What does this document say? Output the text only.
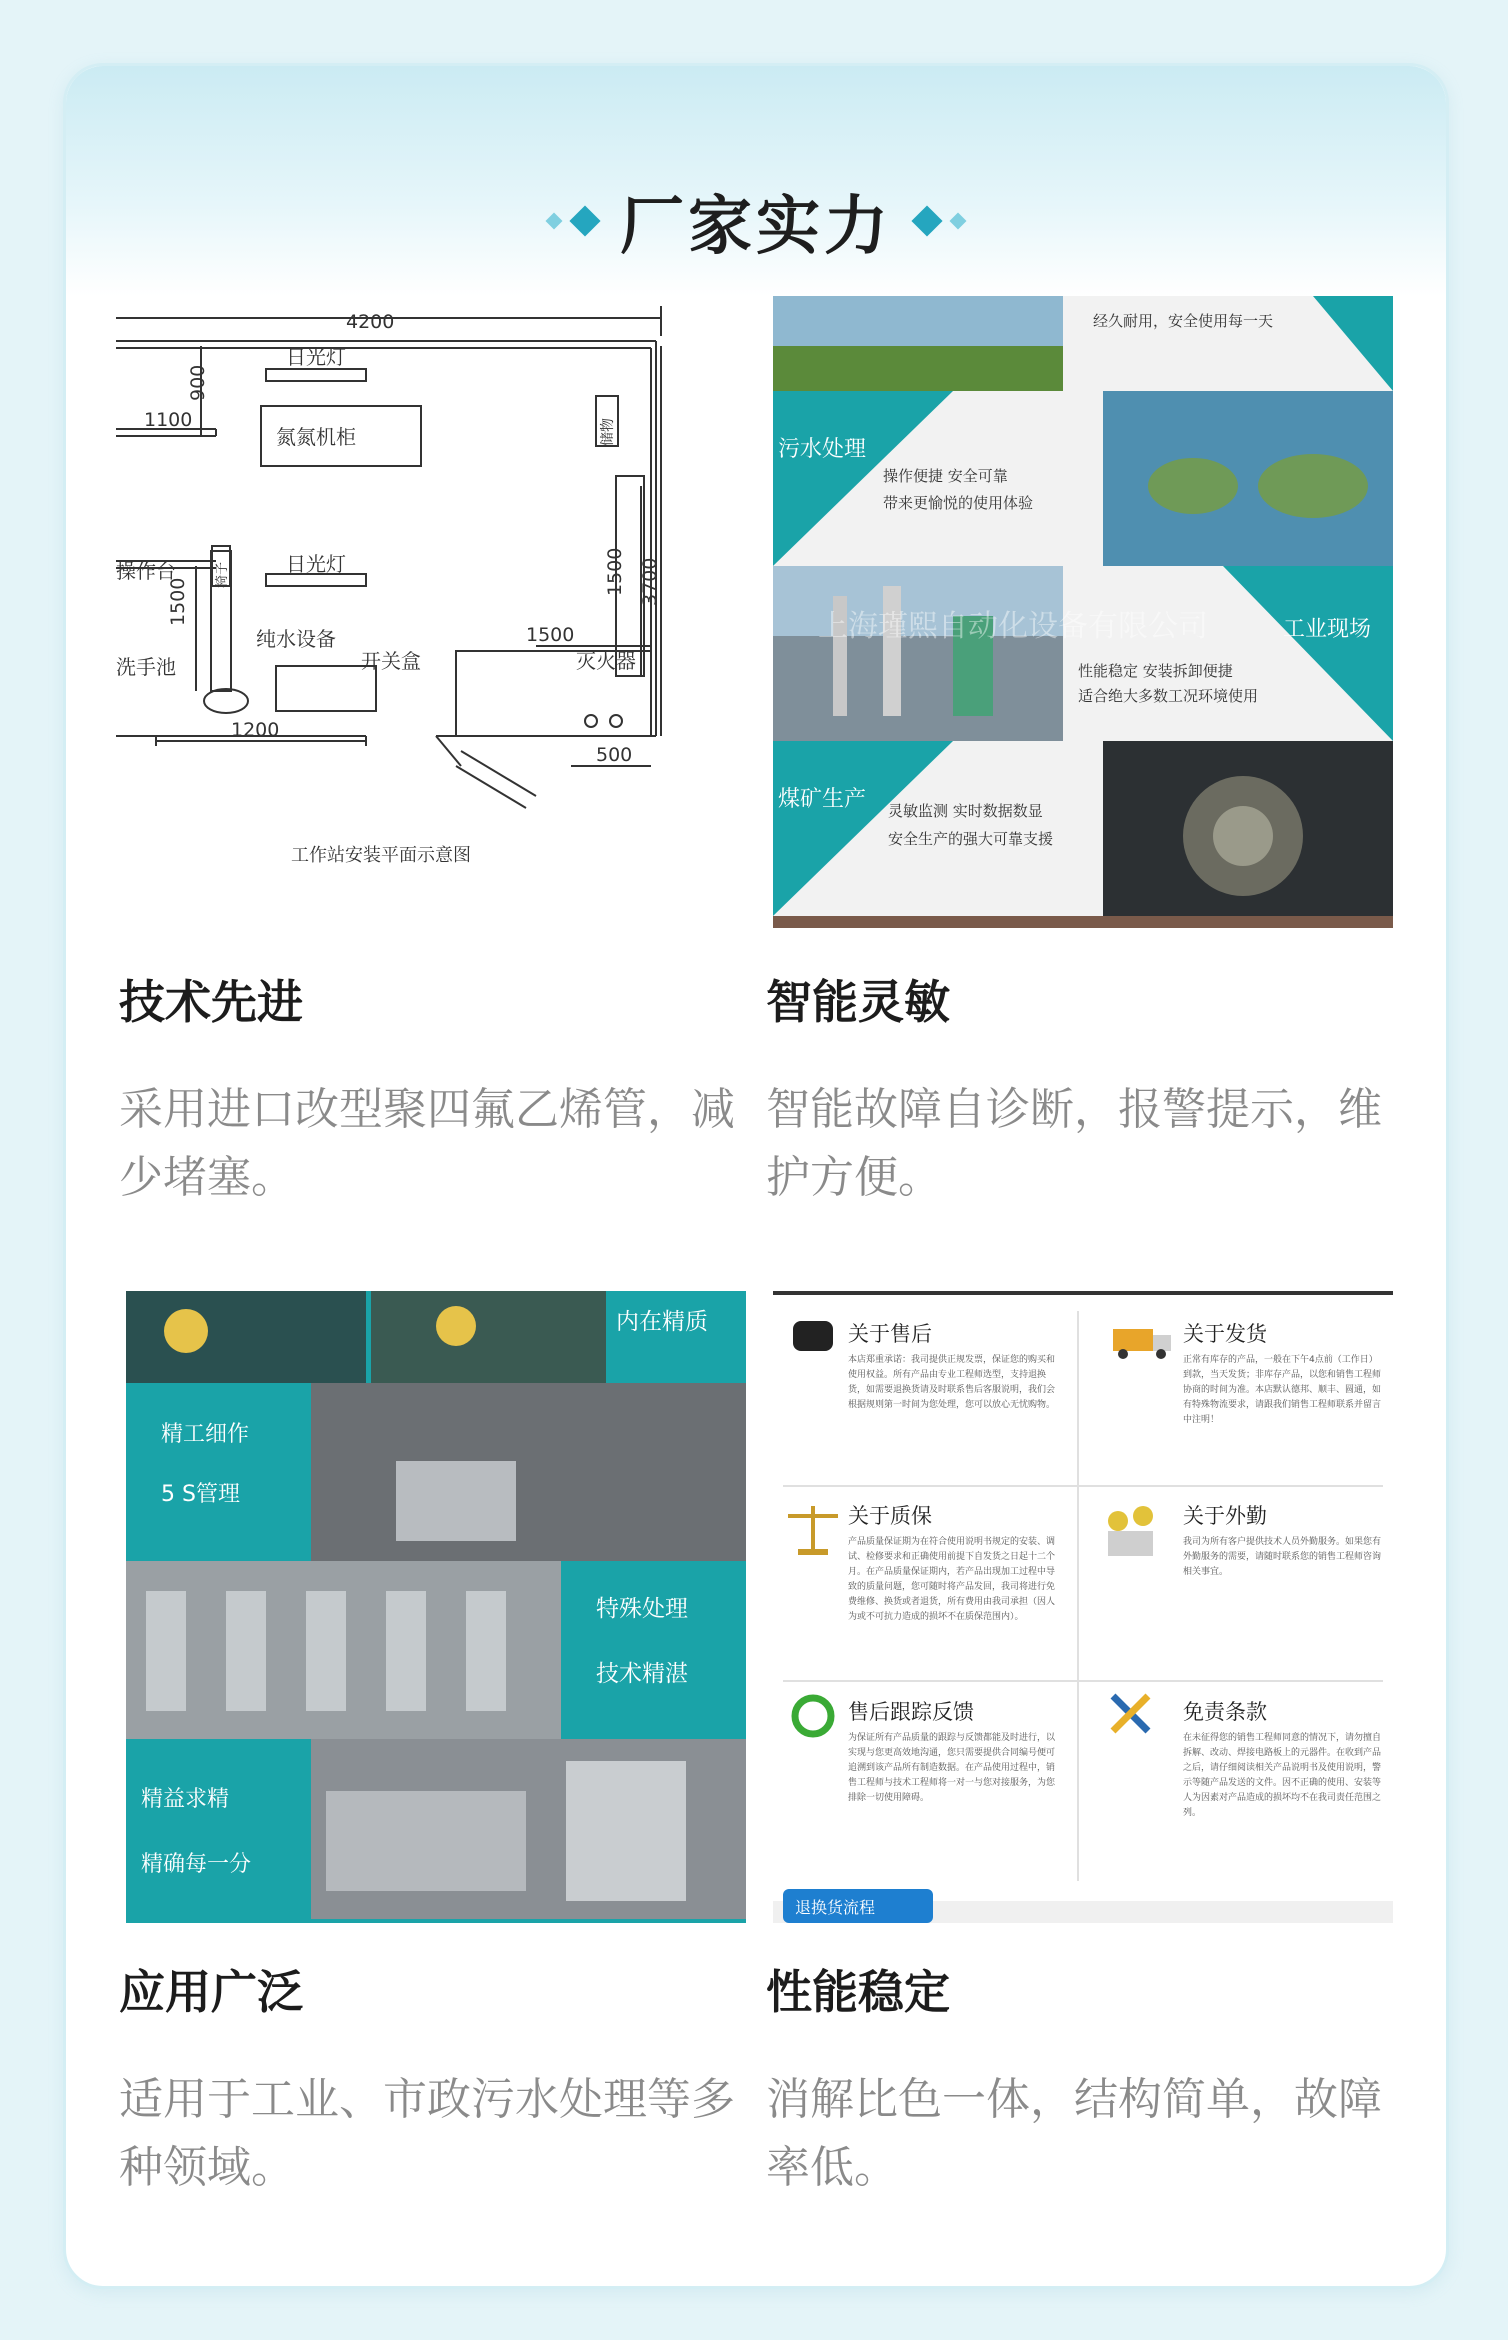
厂家实力
4200
900
1100
1500
1500 3700
1500
1200
500
日光灯
氮氮机柜
日光灯
纯水设备
开关盒	灭火器
操作台
洗手池
椅子
储物
工作站安装平面示意图
经久耐用，安全使用每一天
污水处理
操作便捷 安全可靠
带来更愉悦的使用体验
工业现场
性能稳定 安装拆卸便捷
适合绝大多数工况环境使用
上海瑾熙自动化设备有限公司
煤矿生产 灵敏监测 实时数据数显
安全生产的强大可靠支援
技术先进
采用进口改型聚四氟乙烯管，减少堵塞。
智能灵敏
智能故障自诊断，报警提示，维护方便。
内在精质
精工细作
5 S管理
特殊处理
技术精湛
精益求精
精确每一分
关于售后	关于发货
关于质保	关于外勤
售后跟踪反馈	免责条款
本店郑重承诺：我司提供正规发票，保证您的购买和使用权益。所有产品由专业工程师选型，支持退换货，如需要退换货请及时联系售后客服说明，我们会根据规则第一时间为您处理，您可以放心无忧购物。
正常有库存的产品，一般在下午4点前（工作日）到款，当天发货；非库存产品，以您和销售工程师协商的时间为准。本店默认德邦、顺丰、圆通，如有特殊物流要求，请跟我们销售工程师联系并留言中注明！
产品质量保证期为在符合使用说明书规定的安装、调试、检修要求和正确使用前提下自发货之日起十二个月。在产品质量保证期内，若产品出现加工过程中导致的质量问题，您可随时将产品发回，我司将进行免费维修、换货或者退货，所有费用由我司承担（因人为或不可抗力造成的损坏不在质保范围内）。
我司为所有客户提供技术人员外勤服务。如果您有外勤服务的需要，请随时联系您的销售工程师咨询相关事宜。
为保证所有产品质量的跟踪与反馈都能及时进行，以实现与您更高效地沟通，您只需要提供合同编号便可追溯到该产品所有制造数据。在产品使用过程中，销售工程师与技术工程师将一对一与您对接服务，为您排除一切使用障碍。
在未征得您的销售工程师同意的情况下，请勿擅自拆解、改动、焊接电路板上的元器件。在收到产品之后，请仔细阅读相关产品说明书及使用说明，警示等随产品发送的文件。因不正确的使用、安装等人为因素对产品造成的损坏均不在我司责任范围之列。
退换货流程
应用广泛
适用于工业、市政污水处理等多种领域。
性能稳定
消解比色一体，结构简单，故障率低。
